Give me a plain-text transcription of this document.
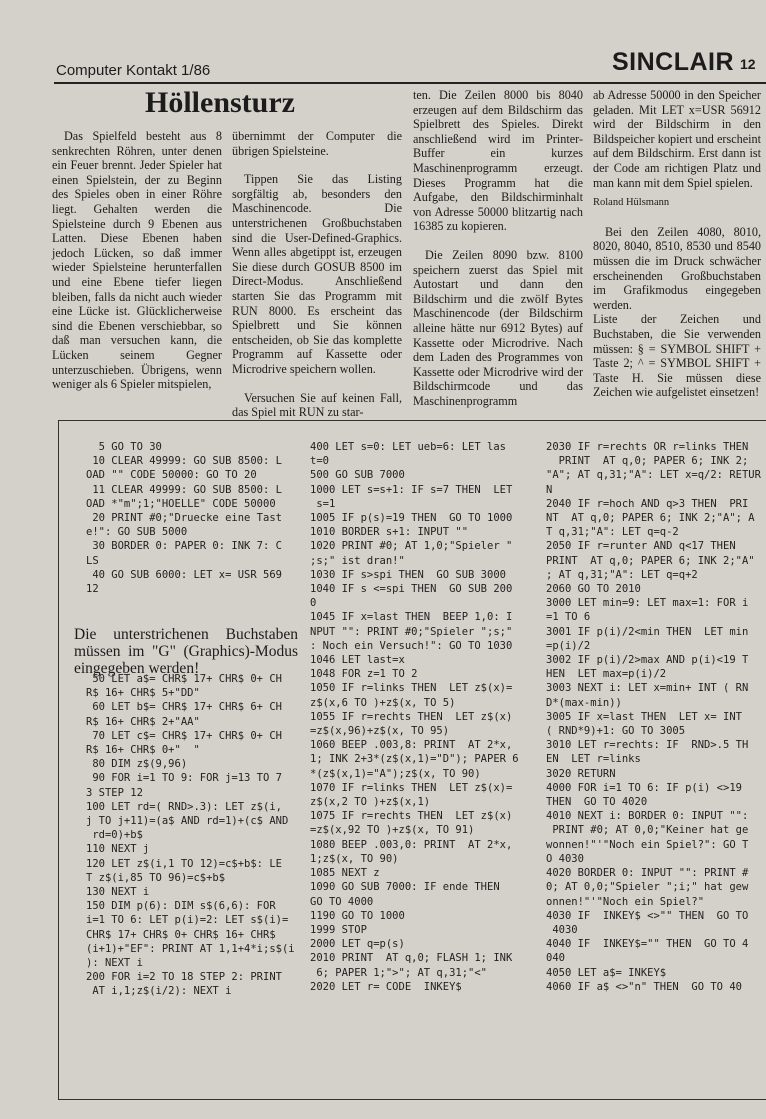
Computer Kontakt 1/86	SINCLAIR 12
Höllensturz

Das Spielfeld besteht aus 8 senkrechten Röhren, unter denen ein Feuer brennt. Jeder Spieler hat einen Spielstein, der zu Beginn des Spieles oben in einer Röhre liegt. Gehalten werden die Spielsteine durch 9 Ebenen aus Latten. Diese Ebenen haben jedoch Lücken, so daß immer wieder Spielsteine herunterfallen und eine Ebene tiefer liegen bleiben, falls da nicht auch wieder eine Lücke ist. Glücklicherweise sind die Ebenen verschiebbar, so daß man versuchen kann, die Lücken seinem Gegner unterzuschieben. Übrigens, wenn weniger als 6 Spieler mitspielen,

übernimmt der Computer die übrigen Spielsteine.

Tippen Sie das Listing sorgfältig ab, besonders den Maschinencode. Die unterstrichenen Großbuchstaben sind die User-Defined-Graphics. Wenn alles abgetippt ist, erzeugen Sie diese durch GOSUB 8500 im Direct-Modus. Anschließend starten Sie das Programm mit RUN 8000. Es erscheint das Spielbrett und Sie können entscheiden, ob Sie das komplette Programm auf Kassette oder Microdrive speichern wollen.

Versuchen Sie auf keinen Fall, das Spiel mit RUN zu star-

ten. Die Zeilen 8000 bis 8040 erzeugen auf dem Bildschirm das Spielbrett des Spieles. Direkt anschließend wird im Printer-Buffer ein kurzes Maschinenprogramm erzeugt. Dieses Programm hat die Aufgabe, den Bildschirminhalt von Adresse 50000 blitzartig nach 16385 zu kopieren.

Die Zeilen 8090 bzw. 8100 speichern zuerst das Spiel mit Autostart und dann den Bildschirm und die zwölf Bytes Maschinencode (der Bildschirm alleine hätte nur 6912 Bytes) auf Kassette oder Microdrive. Nach dem Laden des Programmes von Kassette oder Microdrive wird der Bildschirmcode und das Maschinenprogramm

ab Adresse 50000 in den Speicher geladen. Mit LET x=USR 56912 wird der Bildschirm in den Bildspeicher kopiert und erscheint auf dem Bildschirm. Erst dann ist der Code am richtigen Platz und man kann mit dem Spiel spielen.

Roland Hülsmann

Bei den Zeilen 4080, 8010, 8020, 8040, 8510, 8530 und 8540 müssen die im Druck schwächer erscheinenden Großbuchstaben im Grafikmodus eingegeben werden.

Liste der Zeichen und Buchstaben, die Sie verwenden müssen: § = SYMBOL SHIFT + Taste 2; ^ = SYMBOL SHIFT + Taste H. Sie müssen diese Zeichen wie aufgelistet einsetzen!

5 GO TO 30
10 CLEAR 49999: GO SUB 8500: L
OAD "" CODE 50000: GO TO 20
11 CLEAR 49999: GO SUB 8500: L
OAD *"m";1;"HOELLE" CODE 50000
20 PRINT #0;"Druecke eine Tast
e!": GO SUB 5000
30 BORDER 0: PAPER 0: INK 7: C
LS
40 GO SUB 6000: LET x= USR 569
12
Die unterstrichenen Buchstaben müssen im "G" (Graphics)-Modus eingegeben werden!
50 LET a$= CHR$ 17+ CHR$ 0+ CH
R$ 16+ CHR$ 5+"DD"
60 LET b$= CHR$ 17+ CHR$ 6+ CH
R$ 16+ CHR$ 2+"AA"
70 LET c$= CHR$ 17+ CHR$ 0+ CH
R$ 16+ CHR$ 0+"  "
80 DIM z$(9,96)
90 FOR i=1 TO 9: FOR j=13 TO 7
3 STEP 12
100 LET rd=( RND>.3): LET z$(i,
j TO j+11)=(a$ AND rd=1)+(c$ AND
rd=0)+b$
110 NEXT j
120 LET z$(i,1 TO 12)=c$+b$: LE
T z$(i,85 TO 96)=c$+b$
130 NEXT i
150 DIM p(6): DIM s$(6,6): FOR
i=1 TO 6: LET p(i)=2: LET s$(i)=
CHR$ 17+ CHR$ 0+ CHR$ 16+ CHR$
(i+1)+"EF": PRINT AT 1,1+4*i;s$(i
): NEXT i
200 FOR i=2 TO 18 STEP 2: PRINT
AT i,1;z$(i/2): NEXT i
400 LET s=0: LET ueb=6: LET las
t=0
500 GO SUB 7000
1000 LET s=s+1: IF s=7 THEN  LET
s=1
1005 IF p(s)=19 THEN  GO TO 1000
1010 BORDER s+1: INPUT ""
1020 PRINT #0; AT 1,0;"Spieler "
;s;" ist dran!"
1030 IF s>spi THEN  GO SUB 3000
1040 IF s <=spi THEN  GO SUB 200
0
1045 IF x=last THEN  BEEP 1,0: I
NPUT "": PRINT #0;"Spieler ";s;"
: Noch ein Versuch!": GO TO 1030
1046 LET last=x
1048 FOR z=1 TO 2
1050 IF r=links THEN  LET z$(x)=
z$(x,6 TO )+z$(x, TO 5)
1055 IF r=rechts THEN  LET z$(x)
=z$(x,96)+z$(x, TO 95)
1060 BEEP .003,8: PRINT  AT 2*x,
1; INK 2+3*(z$(x,1)="D"); PAPER 6
*(z$(x,1)="A");z$(x, TO 90)
1070 IF r=links THEN  LET z$(x)=
z$(x,2 TO )+z$(x,1)
1075 IF r=rechts THEN  LET z$(x)
=z$(x,92 TO )+z$(x, TO 91)
1080 BEEP .003,0: PRINT  AT 2*x,
1;z$(x, TO 90)
1085 NEXT z
1090 GO SUB 7000: IF ende THEN
GO TO 4000
1190 GO TO 1000
1999 STOP
2000 LET q=p(s)
2010 PRINT  AT q,0; FLASH 1; INK
6; PAPER 1;">"; AT q,31;"<"
2020 LET r= CODE  INKEY$
2030 IF r=rechts OR r=links THEN
PRINT  AT q,0; PAPER 6; INK 2;
"A"; AT q,31;"A": LET x=q/2: RETUR
N
2040 IF r=hoch AND q>3 THEN  PRI
NT  AT q,0; PAPER 6; INK 2;"A"; A
T q,31;"A": LET q=q-2
2050 IF r=runter AND q<17 THEN
PRINT  AT q,0; PAPER 6; INK 2;"A"
; AT q,31;"A": LET q=q+2
2060 GO TO 2010
3000 LET min=9: LET max=1: FOR i
=1 TO 6
3001 IF p(i)/2<min THEN  LET min
=p(i)/2
3002 IF p(i)/2>max AND p(i)<19 T
HEN  LET max=p(i)/2
3003 NEXT i: LET x=min+ INT ( RN
D*(max-min))
3005 IF x=last THEN  LET x= INT
( RND*9)+1: GO TO 3005
3010 LET r=rechts: IF  RND>.5 TH
EN  LET r=links
3020 RETURN
4000 FOR i=1 TO 6: IF p(i) <>19
THEN  GO TO 4020
4010 NEXT i: BORDER 0: INPUT "":
PRINT #0; AT 0,0;"Keiner hat ge
wonnen!"'"Noch ein Spiel?": GO T
O 4030
4020 BORDER 0: INPUT "": PRINT #
0; AT 0,0;"Spieler ";i;" hat gew
onnen!"'"Noch ein Spiel?"
4030 IF  INKEY$ <>"" THEN  GO TO
4030
4040 IF  INKEY$="" THEN  GO TO 4
040
4050 LET a$= INKEY$
4060 IF a$ <>"n" THEN  GO TO 40
